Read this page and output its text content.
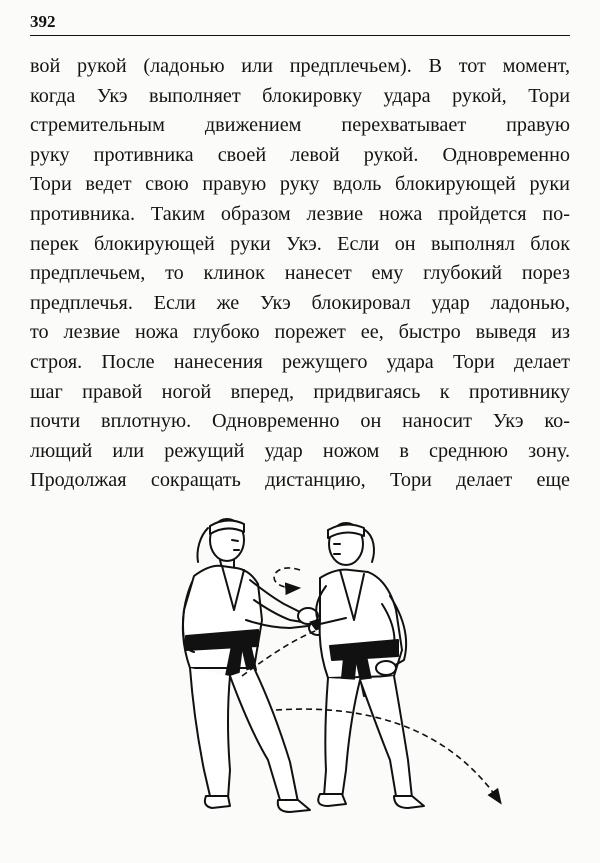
392
вой рукой (ладонью или предплечьем). В тот момент,
когда Укэ выполняет блокировку удара рукой, Тори
стремительным движением перехватывает правую
руку противника своей левой рукой. Одновременно
Тори ведет свою правую руку вдоль блокирующей руки
противника. Таким образом лезвие ножа пройдется по-
перек блокирующей руки Укэ. Если он выполнял блок
предплечьем, то клинок нанесет ему глубокий порез
предплечья. Если же Укэ блокировал удар ладонью,
то лезвие ножа глубоко порежет ее, быстро выведя из
строя. После нанесения режущего удара Тори делает
шаг правой ногой вперед, придвигаясь к противнику
почти вплотную. Одновременно он наносит Укэ ко-
лющий или режущий удар ножом в среднюю зону.
Продолжая сокращать дистанцию, Тори делает еще
